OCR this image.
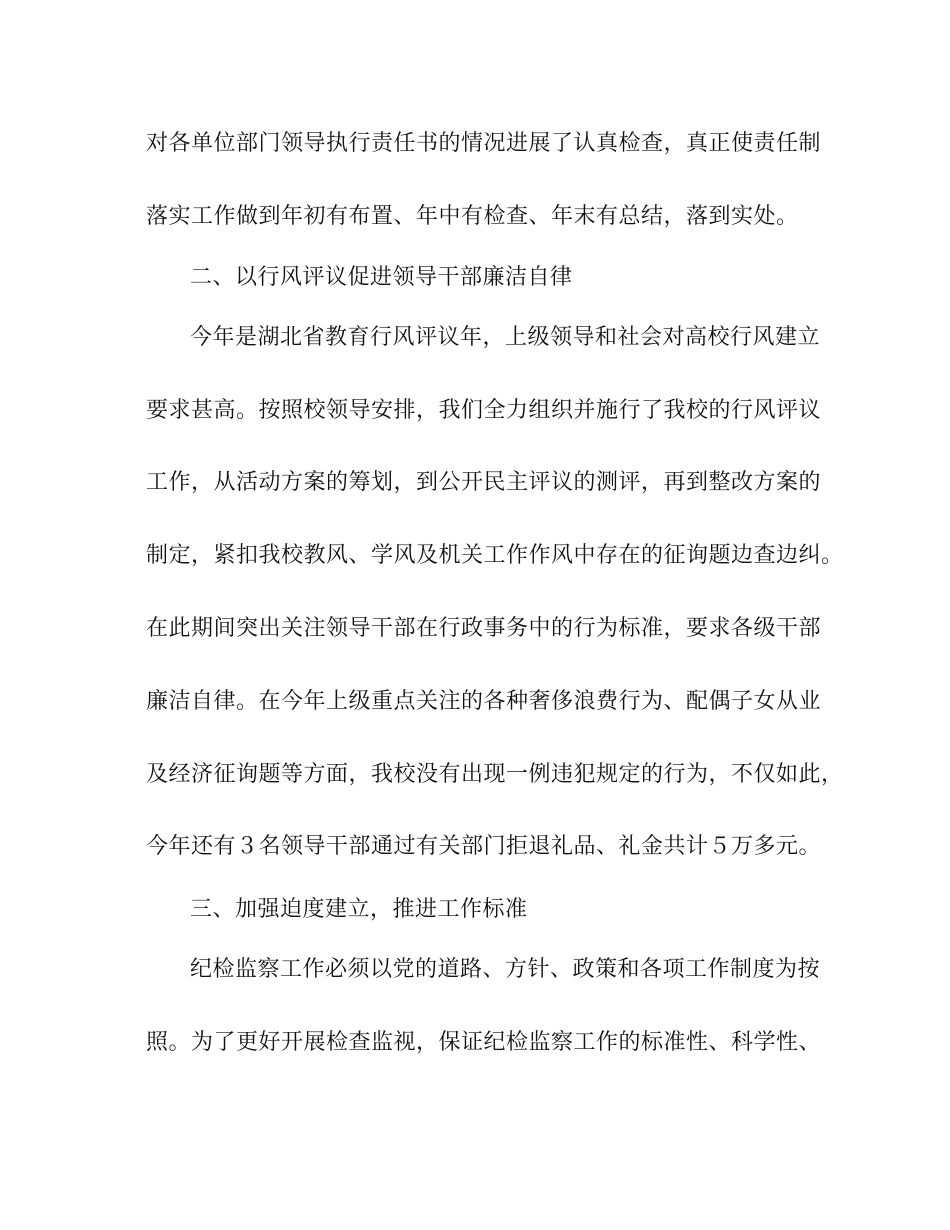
对各单位部门领导执行责任书的情况进展了认真检查，真正使责任制
落实工作做到年初有布置、年中有检查、年末有总结，落到实处。
二、以行风评议促进领导干部廉洁自律
今年是湖北省教育行风评议年，上级领导和社会对高校行风建立
要求甚高。按照校领导安排，我们全力组织并施行了我校的行风评议
工作，从活动方案的筹划，到公开民主评议的测评，再到整改方案的
制定，紧扣我校教风、学风及机关工作作风中存在的征询题边查边纠。
在此期间突出关注领导干部在行政事务中的行为标准，要求各级干部
廉洁自律。在今年上级重点关注的各种奢侈浪费行为、配偶子女从业
及经济征询题等方面，我校没有出现一例违犯规定的行为，不仅如此，
今年还有３名领导干部通过有关部门拒退礼品、礼金共计５万多元。
三、加强迫度建立，推进工作标准
纪检监察工作必须以党的道路、方针、政策和各项工作制度为按
照。为了更好开展检查监视，保证纪检监察工作的标准性、科学性、
